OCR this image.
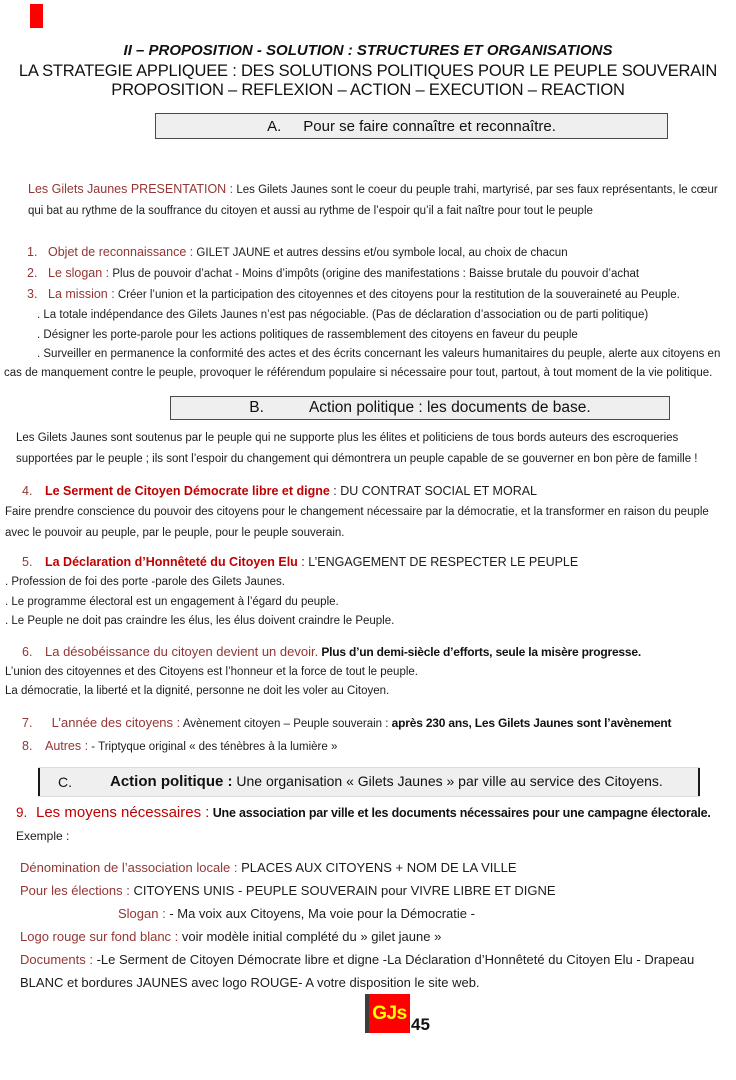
II – PROPOSITION - SOLUTION : STRUCTURES ET ORGANISATIONS
LA STRATEGIE APPLIQUEE : DES SOLUTIONS POLITIQUES POUR LE PEUPLE SOUVERAIN
PROPOSITION – REFLEXION – ACTION – EXECUTION – REACTION
A. Pour se faire connaître et reconnaître.
Les Gilets Jaunes PRESENTATION : Les Gilets Jaunes sont le coeur du peuple trahi, martyrisé, par ses faux représentants, le cœur qui bat au rythme de la souffrance du citoyen et aussi au rythme de l’espoir qu’il a fait naître pour tout le peuple
1. Objet de reconnaissance : GILET JAUNE et autres dessins et/ou symbole local, au choix de chacun
2. Le slogan : Plus de pouvoir d’achat - Moins d’impôts (origine des manifestations : Baisse brutale du pouvoir d’achat
3. La mission : Créer l’union et la participation des citoyennes et des citoyens pour la restitution de la souveraineté au Peuple.
. La totale indépendance des Gilets Jaunes n’est pas négociable. (Pas de déclaration d’association ou de parti politique)
. Désigner les porte-parole pour les actions politiques de rassemblement des citoyens en faveur du peuple
. Surveiller en permanence la conformité des actes et des écrits concernant les valeurs humanitaires du peuple, alerte aux citoyens en cas de manquement contre le peuple, provoquer le référendum populaire si nécessaire pour tout, partout, à tout moment de la vie politique.
B.	Action politique : les documents de base.
Les Gilets Jaunes sont soutenus par le peuple qui ne supporte plus les élites et politiciens de tous bords auteurs des escroqueries supportées par le peuple ; ils sont l’espoir du changement qui démontrera un peuple capable de se gouverner en bon père de famille !
4. Le Serment de Citoyen Démocrate libre et digne : DU CONTRAT SOCIAL ET MORAL
Faire prendre conscience du pouvoir des citoyens pour le changement nécessaire par la démocratie, et la transformer en raison du peuple avec le pouvoir au peuple, par le peuple, pour le peuple souverain.
5. La Déclaration d’Honnêteté du Citoyen Elu : L’ENGAGEMENT DE RESPECTER LE PEUPLE
. Profession de foi des porte -parole des Gilets Jaunes.
. Le programme électoral est un engagement à l’égard du peuple.
. Le Peuple ne doit pas craindre les élus, les élus doivent craindre le Peuple.
6. La désobéissance du citoyen devient un devoir. Plus d’un demi-siècle d’efforts, seule la misère progresse.
L’union des citoyennes et des Citoyens est l’honneur et la force de tout le peuple.
La démocratie, la liberté et la dignité, personne ne doit les voler au Citoyen.
7. L’année des citoyens : Avènement citoyen – Peuple souverain : après 230 ans, Les Gilets Jaunes sont l’avènement
8. Autres : - Triptyque original « des ténèbres à la lumière »
C.	Action politique : Une organisation « Gilets Jaunes » par ville au service des Citoyens.
9. Les moyens nécessaires : Une association par ville et les documents nécessaires pour une campagne électorale.
Exemple :
Dénomination de l’association locale : PLACES AUX CITOYENS + NOM DE LA VILLE
Pour les élections : CITOYENS UNIS - PEUPLE SOUVERAIN pour VIVRE LIBRE ET DIGNE
Slogan : - Ma voix aux Citoyens, Ma voie pour la Démocratie -
Logo rouge sur fond blanc : voir modèle initial complété du » gilet jaune »
Documents : -Le Serment de Citoyen Démocrate libre et digne -La Déclaration d’Honnêteté du Citoyen Elu - Drapeau BLANC et bordures JAUNES avec logo ROUGE- A votre disposition le site web.
GJs
45
